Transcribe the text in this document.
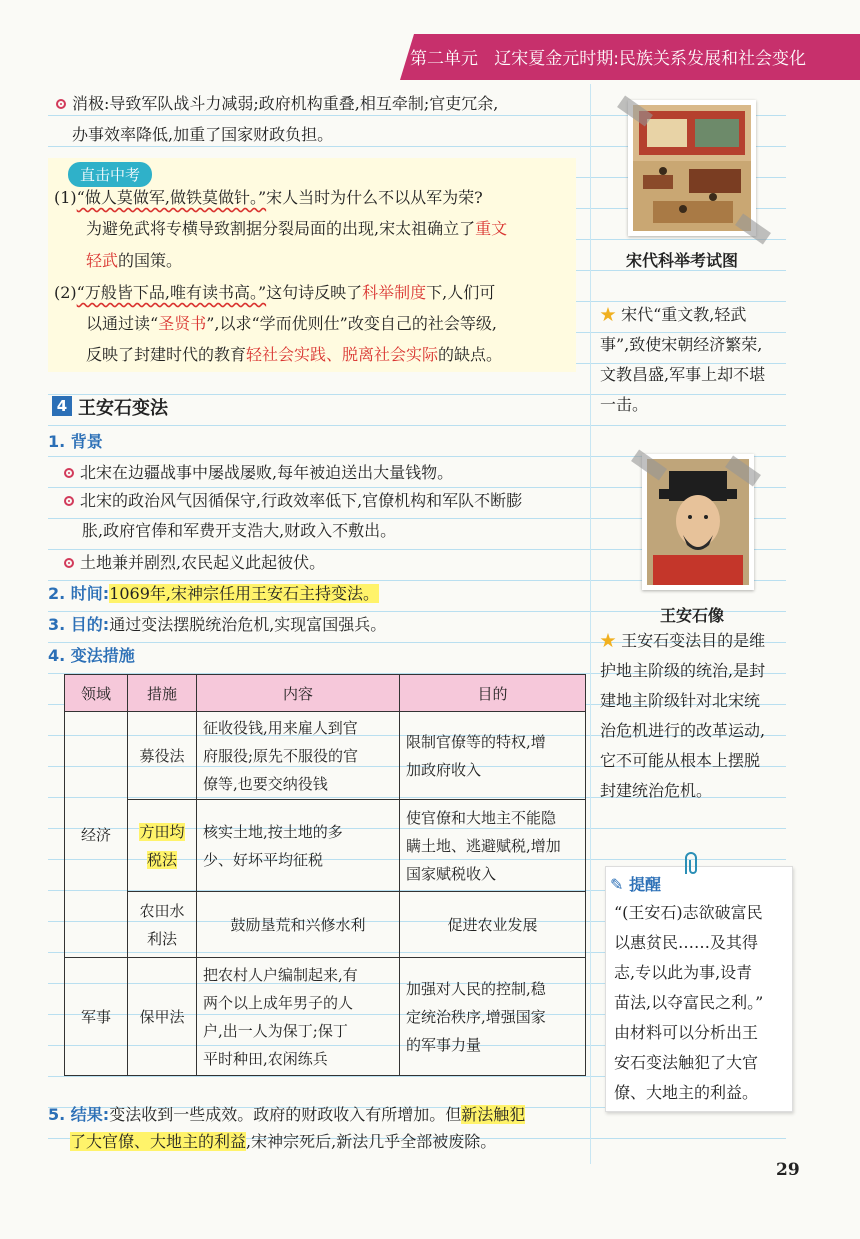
第二单元 辽宋夏金元时期:民族关系发展和社会变化
消极:导致军队战斗力减弱;政府机构重叠,相互牵制;官吏冗余,
办事效率降低,加重了国家财政负担。
直击中考
(1)“做人莫做军,做铁莫做针。”宋人当时为什么不以从军为荣?
为避免武将专横导致割据分裂局面的出现,宋太祖确立了重文
轻武的国策。
(2)“万般皆下品,唯有读书高。”这句诗反映了科举制度下,人们可
以通过读“圣贤书”,以求“学而优则仕”改变自己的社会等级,
反映了封建时代的教育轻社会实践、脱离社会实际的缺点。
4 王安石变法
1. 背景
北宋在边疆战事中屡战屡败,每年被迫送出大量钱物。
北宋的政治风气因循保守,行政效率低下,官僚机构和军队不断膨
胀,政府官俸和军费开支浩大,财政入不敷出。
土地兼并剧烈,农民起义此起彼伏。
2. 时间:1069年,宋神宗任用王安石主持变法。
3. 目的:通过变法摆脱统治危机,实现富国强兵。
4. 变法措施
领域	措施	内容	目的
经济	募役法	征收役钱,用来雇人到官
府服役;原先不服役的官
僚等,也要交纳役钱	限制官僚等的特权,增
加政府收入
	方田均
税法	核实土地,按土地的多
少、好坏平均征税	使官僚和大地主不能隐
瞒土地、逃避赋税,增加
国家赋税收入
	农田水
利法	鼓励垦荒和兴修水利	促进农业发展
军事	保甲法	把农村人户编制起来,有
两个以上成年男子的人
户,出一人为保丁;保丁
平时种田,农闲练兵	加强对人民的控制,稳
定统治秩序,增强国家
的军事力量
5. 结果:变法收到一些成效。政府的财政收入有所增加。但新法触犯
了大官僚、大地主的利益,宋神宗死后,新法几乎全部被废除。
宋代科举考试图
★ 宋代“重文教,轻武
事”,致使宋朝经济繁荣,
文教昌盛,军事上却不堪
一击。
王安石像
★ 王安石变法目的是维
护地主阶级的统治,是封
建地主阶级针对北宋统
治危机进行的改革运动,
它不可能从根本上摆脱
封建统治危机。
✎ 提醒
“(王安石)志欲破富民
以惠贫民……及其得
志,专以此为事,设青
苗法,以夺富民之利。”
由材料可以分析出王
安石变法触犯了大官
僚、大地主的利益。
29
